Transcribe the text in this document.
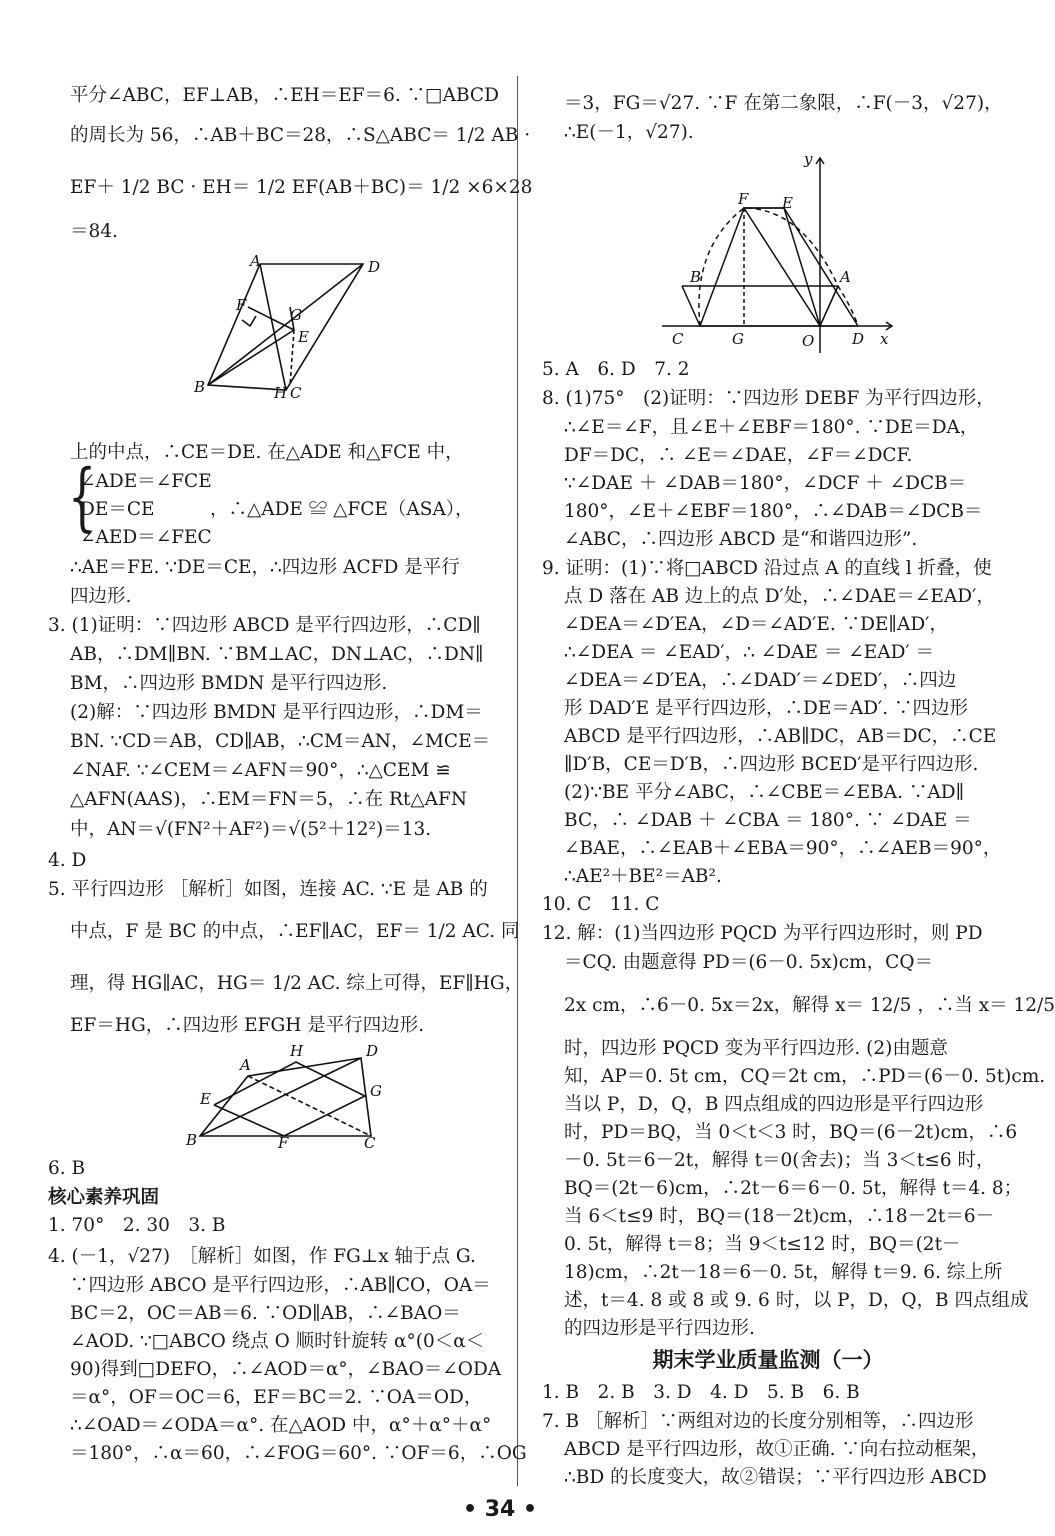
平分∠ABC，EF⊥AB，∴EH＝EF＝6. ∵□ABCD
的周长为 56，∴AB＋BC＝28，∴S△ABC＝ 1/2 AB ·
EF＋ 1/2 BC · EH＝ 1/2 EF(AB＋BC)＝ 1/2 ×6×28
＝84.
A	D
F
G
E
B	H C
上的中点，∴CE＝DE. 在△ADE 和△FCE 中，
{
∠ADE＝∠FCE
DE＝CE　　　，∴△ADE ≌ △FCE（ASA），
∠AED＝∠FEC
∴AE＝FE. ∵DE＝CE，∴四边形 ACFD 是平行
四边形.
3. (1)证明：∵四边形 ABCD 是平行四边形，∴CD∥
AB，∴DM∥BN. ∵BM⊥AC，DN⊥AC，∴DN∥
BM，∴四边形 BMDN 是平行四边形.
(2)解：∵四边形 BMDN 是平行四边形，∴DM＝
BN. ∵CD＝AB，CD∥AB，∴CM＝AN，∠MCE＝
∠NAF. ∵∠CEM＝∠AFN＝90°，∴△CEM ≌
△AFN(AAS)，∴EM＝FN＝5，∴在 Rt△AFN
中，AN＝√(FN²＋AF²)＝√(5²＋12²)＝13.
4. D
5. 平行四边形 ［解析］如图，连接 AC. ∵E 是 AB 的
中点，F 是 BC 的中点，∴EF∥AC，EF＝ 1/2 AC. 同
理，得 HG∥AC，HG＝ 1/2 AC. 综上可得，EF∥HG，
EF＝HG，∴四边形 EFGH 是平行四边形.
A
H	D
G
E
B	F	C
6. B
核心素养巩固
1. 70°　2. 30　3. B
4. (－1，√27)　［解析］如图，作 FG⊥x 轴于点 G.
∵四边形 ABCO 是平行四边形，∴AB∥CO，OA＝
BC＝2，OC＝AB＝6. ∵OD∥AB，∴∠BAO＝
∠AOD. ∵□ABCO 绕点 O 顺时针旋转 α°(0＜α＜
90)得到□DEFO，∴∠AOD＝α°，∠BAO＝∠ODA
＝α°，OF＝OC＝6，EF＝BC＝2. ∵OA＝OD，
∴∠OAD＝∠ODA＝α°. 在△AOD 中，α°＋α°＋α°
＝180°，∴α＝60，∴∠FOG＝60°. ∵OF＝6，∴OG
＝3，FG＝√27. ∵F 在第二象限，∴F(－3，√27)，
∴E(－1，√27).
y
F E
B	A
C	G	O	D x
5. A　6. D　7. 2
8. (1)75°　(2)证明：∵四边形 DEBF 为平行四边形，
∴∠E＝∠F，且∠E＋∠EBF＝180°. ∵DE＝DA，
DF＝DC，∴ ∠E＝∠DAE，∠F＝∠DCF.
∵∠DAE ＋ ∠DAB＝180°，∠DCF ＋ ∠DCB＝
180°，∠E＋∠EBF＝180°，∴∠DAB＝∠DCB＝
∠ABC，∴四边形 ABCD 是“和谐四边形”.
9. 证明：(1)∵将□ABCD 沿过点 A 的直线 l 折叠，使
点 D 落在 AB 边上的点 D′处，∴∠DAE＝∠EAD′，
∠DEA＝∠D′EA，∠D＝∠AD′E. ∵DE∥AD′，
∴∠DEA ＝ ∠EAD′，∴ ∠DAE ＝ ∠EAD′ ＝
∠DEA＝∠D′EA，∴∠DAD′＝∠DED′，∴四边
形 DAD′E 是平行四边形，∴DE＝AD′. ∵四边形
ABCD 是平行四边形，∴AB∥DC，AB＝DC，∴CE
∥D′B，CE＝D′B，∴四边形 BCED′是平行四边形.
(2)∵BE 平分∠ABC，∴∠CBE＝∠EBA. ∵AD∥
BC，∴ ∠DAB ＋ ∠CBA ＝ 180°. ∵ ∠DAE ＝
∠BAE，∴∠EAB＋∠EBA＝90°，∴∠AEB＝90°，
∴AE²＋BE²＝AB².
10. C　11. C
12. 解：(1)当四边形 PQCD 为平行四边形时，则 PD
＝CQ. 由题意得 PD＝(6－0. 5x)cm，CQ＝
2x cm，∴6－0. 5x＝2x，解得 x＝ 12/5 ，∴当 x＝ 12/5
时，四边形 PQCD 变为平行四边形. (2)由题意
知，AP＝0. 5t cm，CQ＝2t cm，∴PD＝(6－0. 5t)cm.
当以 P，D，Q，B 四点组成的四边形是平行四边形
时，PD＝BQ，当 0＜t＜3 时，BQ＝(6－2t)cm，∴6
－0. 5t＝6－2t，解得 t＝0(舍去)；当 3＜t≤6 时，
BQ＝(2t－6)cm，∴2t－6＝6－0. 5t，解得 t＝4. 8；
当 6＜t≤9 时，BQ＝(18－2t)cm，∴18－2t＝6－
0. 5t，解得 t＝8；当 9＜t≤12 时，BQ＝(2t－
18)cm，∴2t－18＝6－0. 5t，解得 t＝9. 6. 综上所
述，t＝4. 8 或 8 或 9. 6 时，以 P，D，Q，B 四点组成
的四边形是平行四边形.
期末学业质量监测（一）
1. B　2. B　3. D　4. D　5. B　6. B
7. B ［解析］∵两组对边的长度分别相等，∴四边形
ABCD 是平行四边形，故①正确. ∵向右拉动框架，
∴BD 的长度变大，故②错误；∵平行四边形 ABCD
• 34 •
